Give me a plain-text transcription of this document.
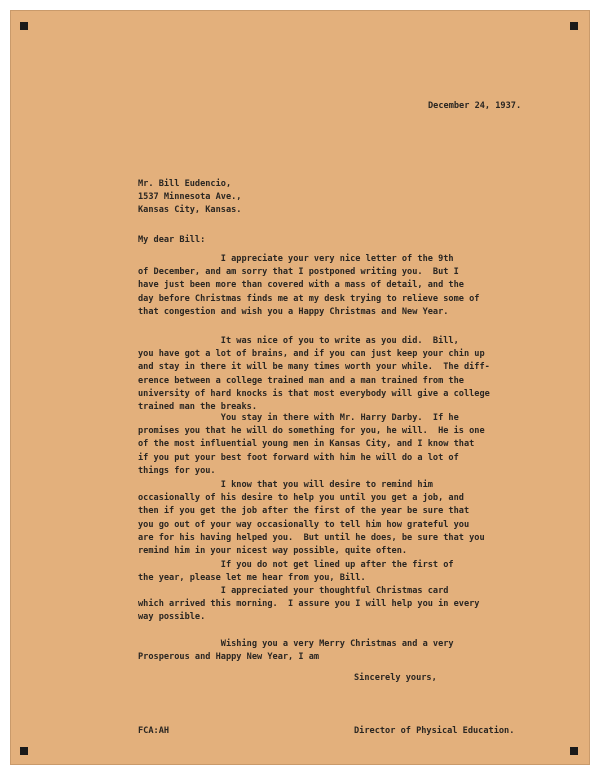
December 24, 1937.

Mr. Bill Eudencio,
1537 Minnesota Ave.,
Kansas City, Kansas.

My dear Bill:

I appreciate your very nice letter of the 9th
of December, and am sorry that I postponed writing you.  But I
have just been more than covered with a mass of detail, and the
day before Christmas finds me at my desk trying to relieve some of
that congestion and wish you a Happy Christmas and New Year.
It was nice of you to write as you did.  Bill,
you have got a lot of brains, and if you can just keep your chin up
and stay in there it will be many times worth your while.  The diff-
erence between a college trained man and a man trained from the
university of hard knocks is that most everybody will give a college
trained man the breaks.
You stay in there with Mr. Harry Darby.  If he
promises you that he will do something for you, he will.  He is one
of the most influential young men in Kansas City, and I know that
if you put your best foot forward with him he will do a lot of
things for you.
I know that you will desire to remind him
occasionally of his desire to help you until you get a job, and
then if you get the job after the first of the year be sure that
you go out of your way occasionally to tell him how grateful you
are for his having helped you.  But until he does, be sure that you
remind him in your nicest way possible, quite often.
If you do not get lined up after the first of
the year, please let me hear from you, Bill.
I appreciated your thoughtful Christmas card
which arrived this morning.  I assure you I will help you in every
way possible.
Wishing you a very Merry Christmas and a very
Prosperous and Happy New Year, I am

Sincerely yours,

FCA:AH	Director of Physical Education.
